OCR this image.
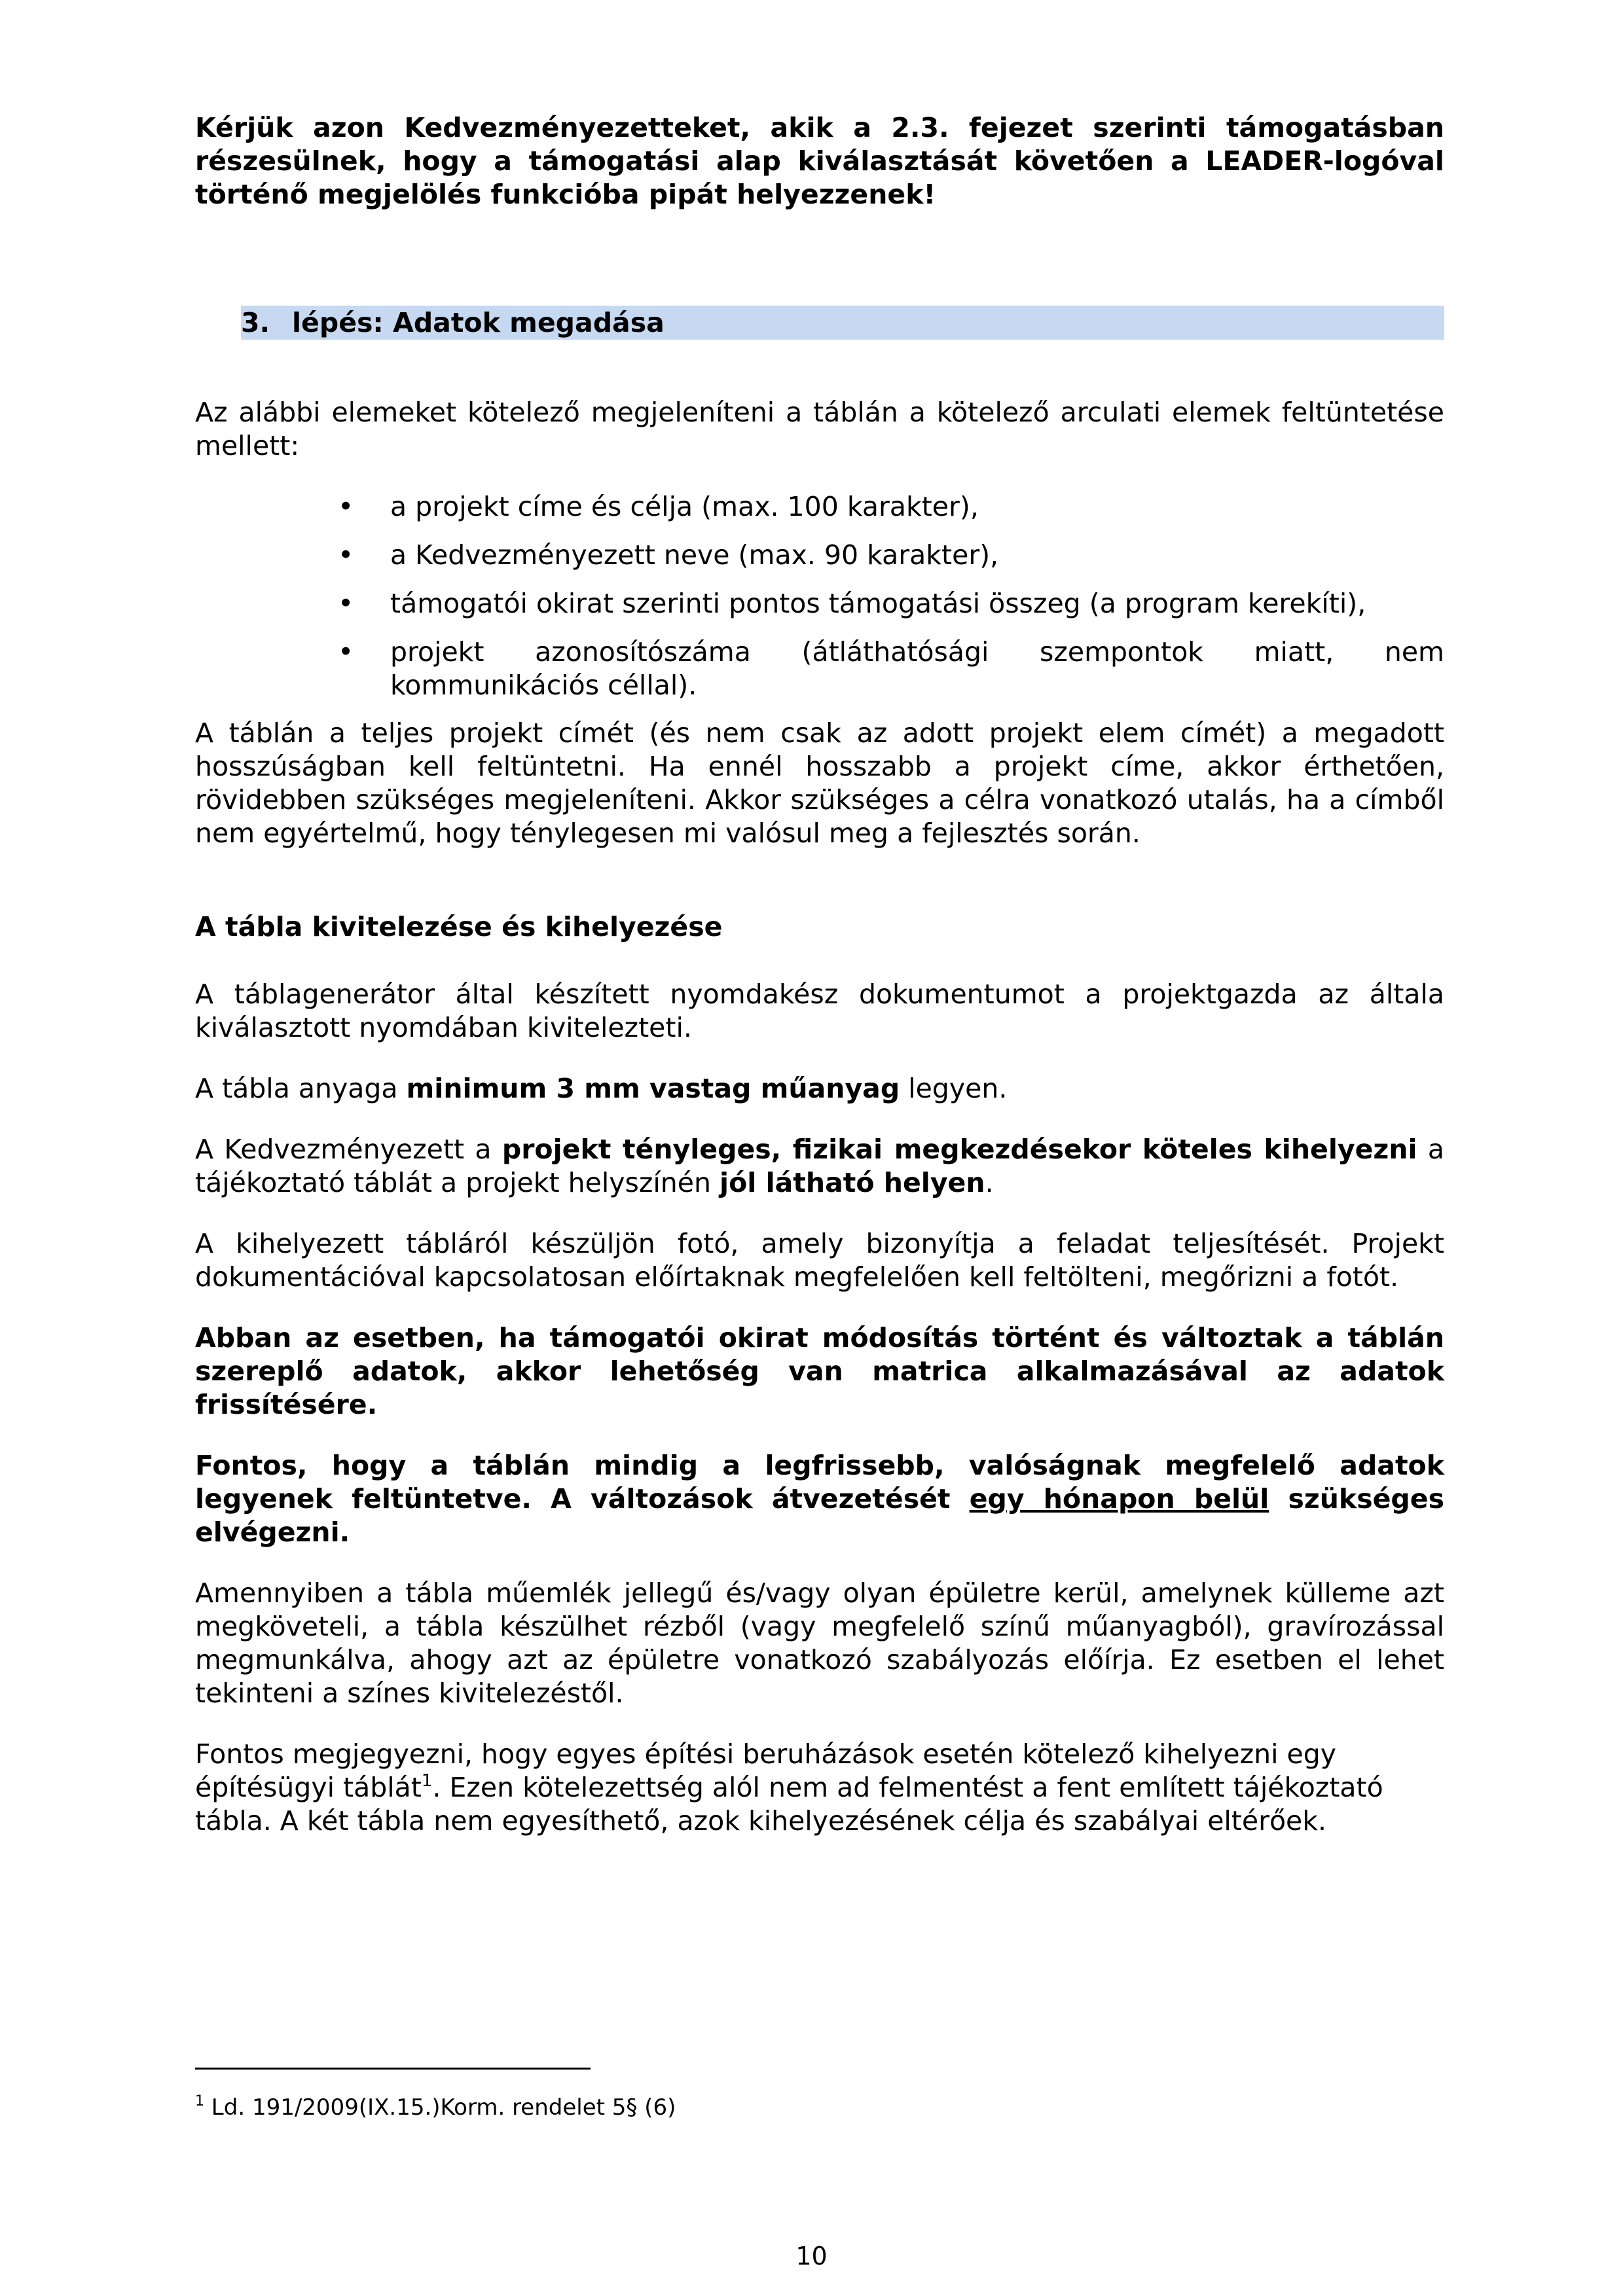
Kérjük azon Kedvezményezetteket, akik a 2.3. fejezet szerinti támogatásban részesülnek, hogy a támogatási alap kiválasztását követően a LEADER-logóval történő megjelölés funkcióba pipát helyezzenek!

3. lépés: Adatok megadása

Az alábbi elemeket kötelező megjeleníteni a táblán a kötelező arculati elemek feltüntetése mellett:

• a projekt címe és célja (max. 100 karakter),
• a Kedvezményezett neve (max. 90 karakter),
• támogatói okirat szerinti pontos támogatási összeg (a program kerekíti),
• projekt azonosítószáma (átláthatósági szempontok miatt, nem kommunikációs céllal).

A táblán a teljes projekt címét (és nem csak az adott projekt elem címét) a megadott hosszúságban kell feltüntetni. Ha ennél hosszabb a projekt címe, akkor érthetően, rövidebben szükséges megjeleníteni. Akkor szükséges a célra vonatkozó utalás, ha a címből nem egyértelmű, hogy ténylegesen mi valósul meg a fejlesztés során.

A tábla kivitelezése és kihelyezése

A táblagenerátor által készített nyomdakész dokumentumot a projektgazda az általa kiválasztott nyomdában kivitelezteti.

A tábla anyaga minimum 3 mm vastag műanyag legyen.

A Kedvezményezett a projekt tényleges, fizikai megkezdésekor köteles kihelyezni a tájékoztató táblát a projekt helyszínén jól látható helyen.

A kihelyezett tábláról készüljön fotó, amely bizonyítja a feladat teljesítését. Projekt dokumentációval kapcsolatosan előírtaknak megfelelően kell feltölteni, megőrizni a fotót.

Abban az esetben, ha támogatói okirat módosítás történt és változtak a táblán szereplő adatok, akkor lehetőség van matrica alkalmazásával az adatok frissítésére.

Fontos, hogy a táblán mindig a legfrissebb, valóságnak megfelelő adatok legyenek feltüntetve. A változások átvezetését egy hónapon belül szükséges elvégezni.

Amennyiben a tábla műemlék jellegű és/vagy olyan épületre kerül, amelynek külleme azt megköveteli, a tábla készülhet rézből (vagy megfelelő színű műanyagból), gravírozással megmunkálva, ahogy azt az épületre vonatkozó szabályozás előírja. Ez esetben el lehet tekinteni a színes kivitelezéstől.

Fontos megjegyezni, hogy egyes építési beruházások esetén kötelező kihelyezni egy
építésügyi táblát$^1$. Ezen kötelezettség alól nem ad felmentést a fent említett tájékoztató
tábla. A két tábla nem egyesíthető, azok kihelyezésének célja és szabályai eltérőek.

$^1$ Ld. 191/2009(IX.15.)Korm. rendelet 5§ (6)
10
